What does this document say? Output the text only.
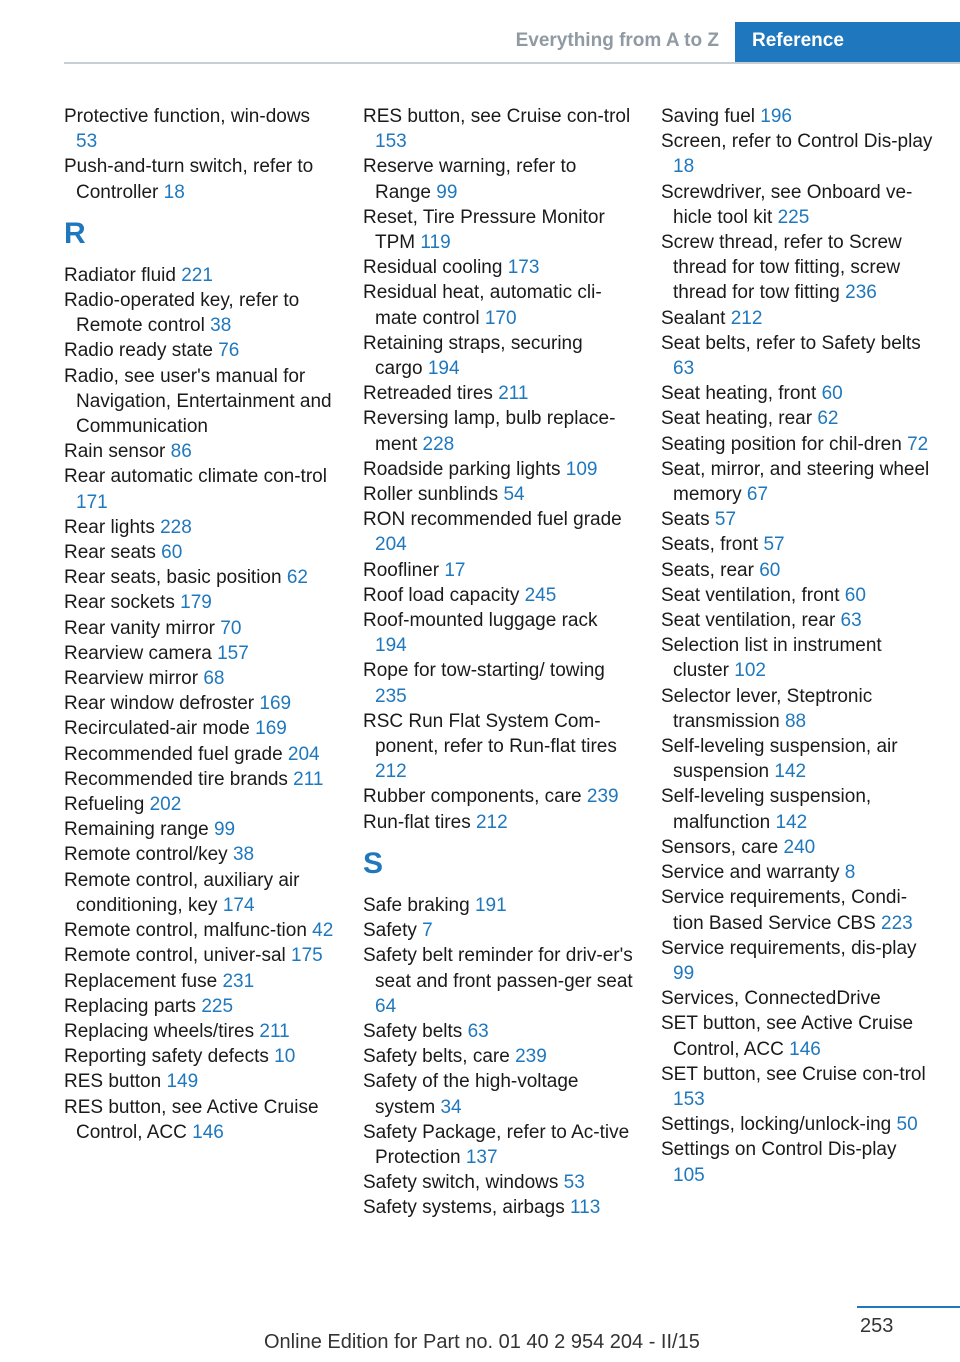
Everything from A to Z	Reference
Protective function, win‐dows 53
Push-and-turn switch, refer to Controller 18
R
Radiator fluid 221
Radio-operated key, refer to Remote control 38
Radio ready state 76
Radio, see user's manual for Navigation, Entertainment and Communication
Rain sensor 86
Rear automatic climate con‐trol 171
Rear lights 228
Rear seats 60
Rear seats, basic position 62
Rear sockets 179
Rear vanity mirror 70
Rearview camera 157
Rearview mirror 68
Rear window defroster 169
Recirculated-air mode 169
Recommended fuel grade 204
Recommended tire brands 211
Refueling 202
Remaining range 99
Remote control/key 38
Remote control, auxiliary air conditioning, key 174
Remote control, malfunc‐tion 42
Remote control, univer‐sal 175
Replacement fuse 231
Replacing parts 225
Replacing wheels/tires 211
Reporting safety defects 10
RES button 149
RES button, see Active Cruise Control, ACC 146
RES button, see Cruise con‐trol 153
Reserve warning, refer to Range 99
Reset, Tire Pressure Monitor TPM 119
Residual cooling 173
Residual heat, automatic cli‐mate control 170
Retaining straps, securing cargo 194
Retreaded tires 211
Reversing lamp, bulb replace‐ment 228
Roadside parking lights 109
Roller sunblinds 54
RON recommended fuel grade 204
Roofliner 17
Roof load capacity 245
Roof-mounted luggage rack 194
Rope for tow-starting/ towing 235
RSC Run Flat System Com‐ponent, refer to Run-flat tires 212
Rubber components, care 239
Run-flat tires 212
S
Safe braking 191
Safety 7
Safety belt reminder for driv‐er's seat and front passen‐ger seat 64
Safety belts 63
Safety belts, care 239
Safety of the high-voltage system 34
Safety Package, refer to Ac‐tive Protection 137
Safety switch, windows 53
Safety systems, airbags 113
Saving fuel 196
Screen, refer to Control Dis‐play 18
Screwdriver, see Onboard ve‐hicle tool kit 225
Screw thread, refer to Screw thread for tow fitting, screw thread for tow fitting 236
Sealant 212
Seat belts, refer to Safety belts 63
Seat heating, front 60
Seat heating, rear 62
Seating position for chil‐dren 72
Seat, mirror, and steering wheel memory 67
Seats 57
Seats, front 57
Seats, rear 60
Seat ventilation, front 60
Seat ventilation, rear 63
Selection list in instrument cluster 102
Selector lever, Steptronic transmission 88
Self-leveling suspension, air suspension 142
Self-leveling suspension, malfunction 142
Sensors, care 240
Service and warranty 8
Service requirements, Condi‐tion Based Service CBS 223
Service requirements, dis‐play 99
Services, ConnectedDrive
SET button, see Active Cruise Control, ACC 146
SET button, see Cruise con‐trol 153
Settings, locking/unlock‐ing 50
Settings on Control Dis‐play 105
253
Online Edition for Part no. 01 40 2 954 204 - II/15
